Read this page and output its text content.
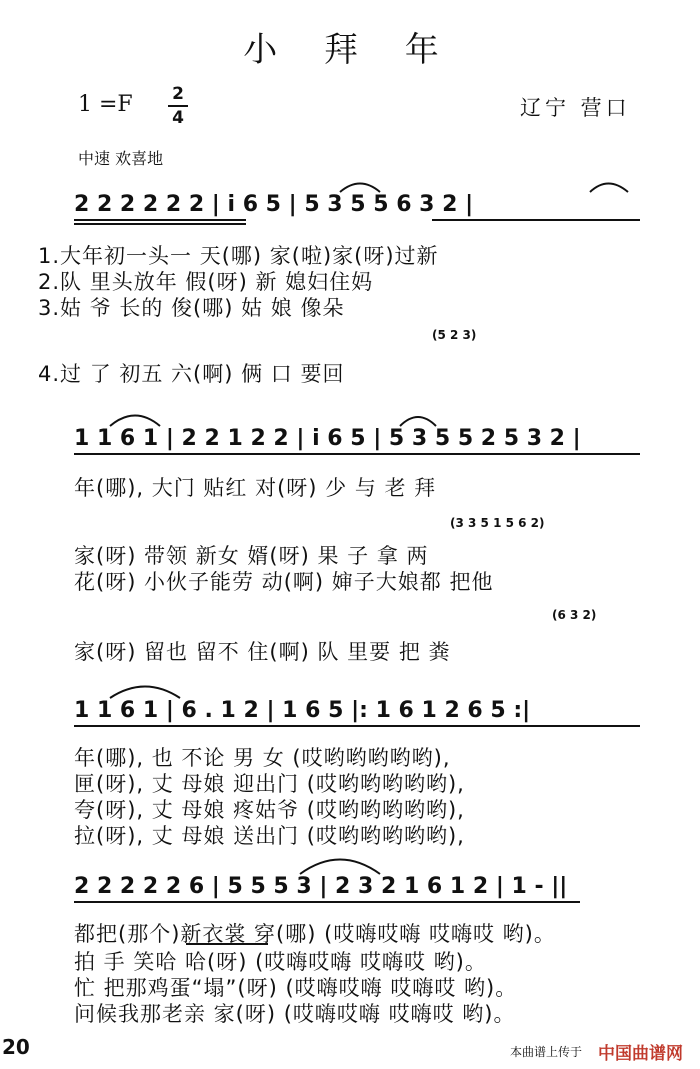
小 拜 年
1 =F 2
4	辽宁 营口
中速 欢喜地
2 2 2 2 2 2 | i 6 5 | 5 3 5 5 6 3 2 |
1.大年初一头一 天(哪) 家(啦)家(呀)过新
2.队 里头放年 假(呀) 新 媳妇住妈
3.姑 爷 长的 俊(哪) 姑 娘 像朵
(5 2 3)
4.过 了 初五 六(啊) 俩 口 要回
1 1 6 1 | 2 2 1 2 2 | i 6 5 | 5 3 5 5 2 5 3 2 |
年(哪), 大门 贴红 对(呀) 少 与 老 拜
(3 3 5 1 5 6 2)
家(呀) 带领 新女 婿(呀) 果 子 拿 两
花(呀) 小伙子能劳 动(啊) 婶子大娘都 把他
(6 3 2)
家(呀) 留也 留不 住(啊) 队 里要 把 粪
1 1 6 1 | 6 . 1 2 | 1 6 5 |: 1 6 1 2 6 5 :|
年(哪), 也 不论 男 女 (哎哟哟哟哟哟),
匣(呀), 丈 母娘 迎出门 (哎哟哟哟哟哟),
夸(呀), 丈 母娘 疼姑爷 (哎哟哟哟哟哟),
拉(呀), 丈 母娘 送出门 (哎哟哟哟哟哟),
2 2 2 2 2 6 | 5 5 5 3 | 2 3 2 1 6 1 2 | 1 - ||
都把(那个)新衣裳 穿(哪) (哎嗨哎嗨 哎嗨哎 哟)。
拍 手 笑哈 哈(呀) (哎嗨哎嗨 哎嗨哎 哟)。
忙 把那鸡蛋“塌”(呀) (哎嗨哎嗨 哎嗨哎 哟)。
问候我那老亲 家(呀) (哎嗨哎嗨 哎嗨哎 哟)。
20	本曲谱上传于 中国曲谱网
